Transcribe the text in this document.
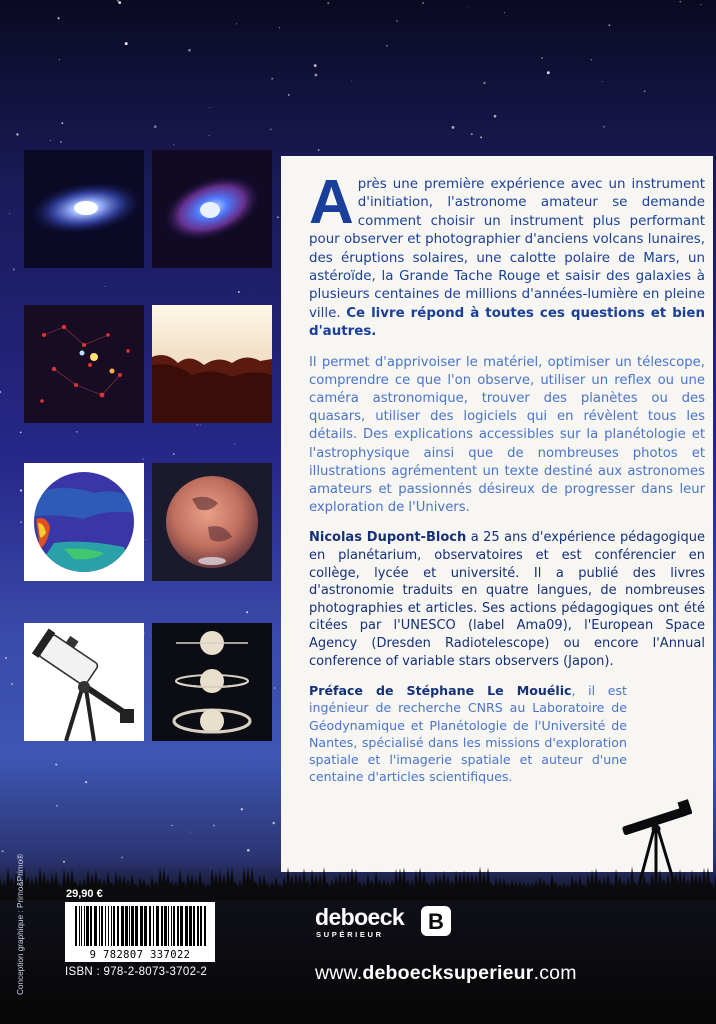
Après une première expérience avec un instrument d'initiation, l'astronome amateur se demande comment choisir un instrument plus performant pour observer et photographier d'anciens volcans lunaires, des éruptions solaires, une calotte polaire de Mars, un astéroïde, la Grande Tache Rouge et saisir des galaxies à plusieurs centaines de millions d'années-lumière en pleine ville. Ce livre répond à toutes ces questions et bien d'autres.

Il permet d'apprivoiser le matériel, optimiser un télescope, comprendre ce que l'on observe, utiliser un reflex ou une caméra astronomique, trouver des planètes ou des quasars, utiliser des logiciels qui en révèlent tous les détails. Des explications accessibles sur la planétologie et l'astrophysique ainsi que de nombreuses photos et illustrations agrémentent un texte destiné aux astronomes amateurs et passionnés désireux de progresser dans leur exploration de l'Univers.

Nicolas Dupont-Bloch a 25 ans d'expérience pédagogique en planétarium, observatoires et est conférencier en collège, lycée et université. Il a publié des livres d'astronomie traduits en quatre langues, de nombreuses photographies et articles. Ses actions pédagogiques ont été citées par l'UNESCO (label Ama09), l'European Space Agency (Dresden Radiotelescope) ou encore l'Annual conference of variable stars observers (Japon).

Préface de Stéphane Le Mouélic, il est ingénieur de recherche CNRS au Laboratoire de Géodynamique et Planétologie de l'Université de Nantes, spécialisé dans les missions d'exploration spatiale et l'imagerie spatiale et auteur d'une centaine d'articles scientifiques.

29,90 €
9 782807 337022
ISBN : 978-2-8073-3702-2
Conception graphique : Primo&Primo®	deboeck
SUPÉRIEUR
B
www.deboecksuperieur.com
